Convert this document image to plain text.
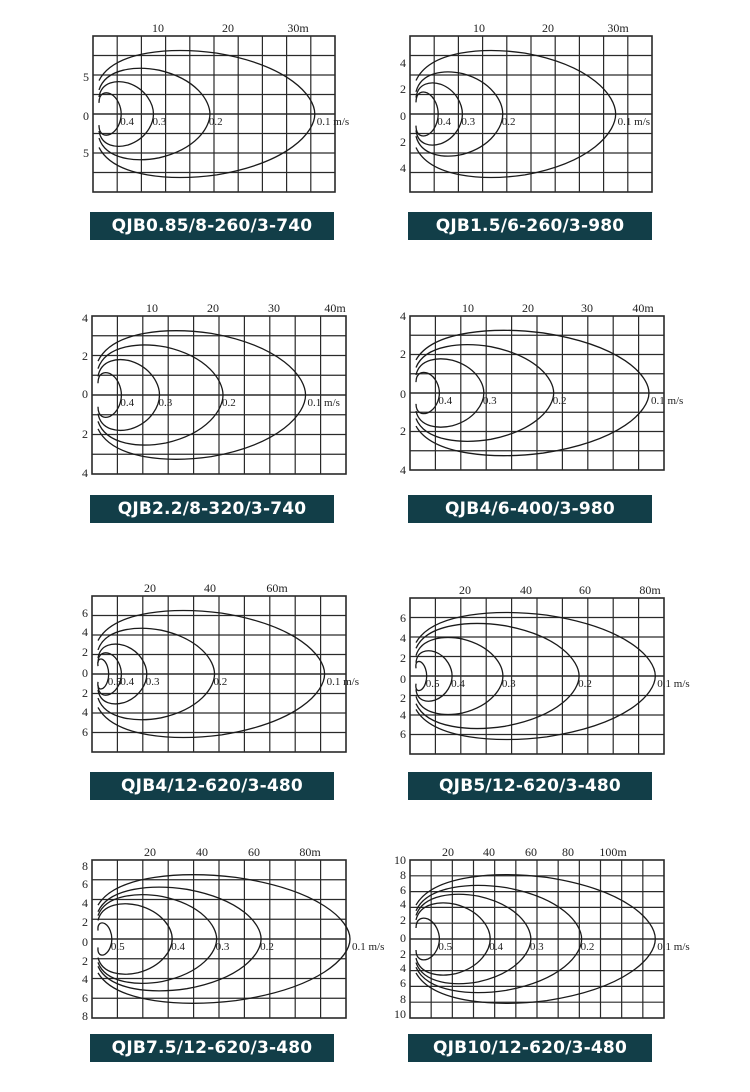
0.4 0.3	0.2	0.1 m/s
10	20	30m
5
0
5
QJB0.85/8-260/3-740
0.4 0.3 0.2	0.1 m/s
10	20	30m
4
2
0
2
4
QJB1.5/6-260/3-980
0.4 0.3	0.2	0.1 m/s
10	20	30	40m
4
2
0
2
4
QJB2.2/8-320/3-740
0.4	0.3	0.2	0.1 m/s
10	20	30	40m
4
2
0
2
4
QJB4/6-400/3-980
0.5
0.4 0.3	0.2	0.1 m/s
20	40	60m
6
4
2
0
2
4
6
QJB4/12-620/3-480
0.5 0.4	0.3	0.2	0.1 m/s
20	40	60	80m
6
4
2
0
2
4
6
QJB5/12-620/3-480
0.5	0.4	0.3	0.2	0.1 m/s
20	40	60	80m
8
6
4
2
0
2
4
6
8
QJB7.5/12-620/3-480
0.5	0.4 0.3	0.2	0.1 m/s
20 40	60 80 100m
10
8
6
4
2
0
2
4
6
8
10
QJB10/12-620/3-480
